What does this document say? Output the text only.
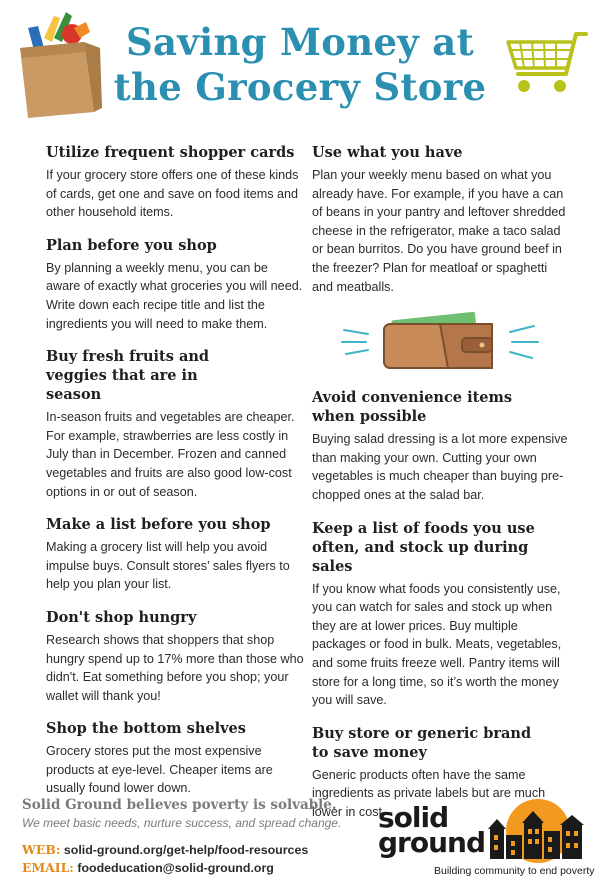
Saving Money at
the Grocery Store
Utilize frequent shopper cards

If your grocery store offers one of these kinds of cards, get one and save on food items and other household items.

Plan before you shop

By planning a weekly menu, you can be aware of exactly what groceries you will need. Write down each recipe title and list the ingredients you will need to make them.

Buy fresh fruits and veggies that are in season

In-season fruits and vegetables are cheaper. For example, strawberries are less costly in July than in December. Frozen and canned vegetables and fruits are also good low-cost options in or out of season.

Make a list before you shop

Making a grocery list will help you avoid impulse buys. Consult stores’ sales flyers to help you plan your list.

Don't shop hungry

Research shows that shoppers that shop hungry spend up to 17% more than those who didn't. Eat something before you shop; your wallet will thank you!

Shop the bottom shelves

Grocery stores put the most expensive products at eye-level. Cheaper items are usually found lower down.

Use what you have

Plan your weekly menu based on what you already have. For example, if you have a can of beans in your pantry and leftover shredded cheese in the refrigerator, make a taco salad or bean burritos. Do you have ground beef in the freezer? Plan for meatloaf or spaghetti and meatballs.

Avoid convenience items when possible

Buying salad dressing is a lot more expensive than making your own. Cutting your own vegetables is much cheaper than buying pre-chopped ones at the salad bar.

Keep a list of foods you use often, and stock up during sales

If you know what foods you consistently use, you can watch for sales and stock up when they are at lower prices. Buy multiple packages or food in bulk. Meats, vegetables, and some fruits freeze well. Pantry items will store for a long time, so it’s worth the money you will save.

Buy store or generic brand to save money

Generic products often have the same ingredients as private labels but are much lower in cost.

Solid Ground believes poverty is solvable.
We meet basic needs, nurture success, and spread change.
WEB: solid-ground.org/get-help/food-resources
EMAIL: foodeducation@solid-ground.org
solid
ground
Building community to end poverty
